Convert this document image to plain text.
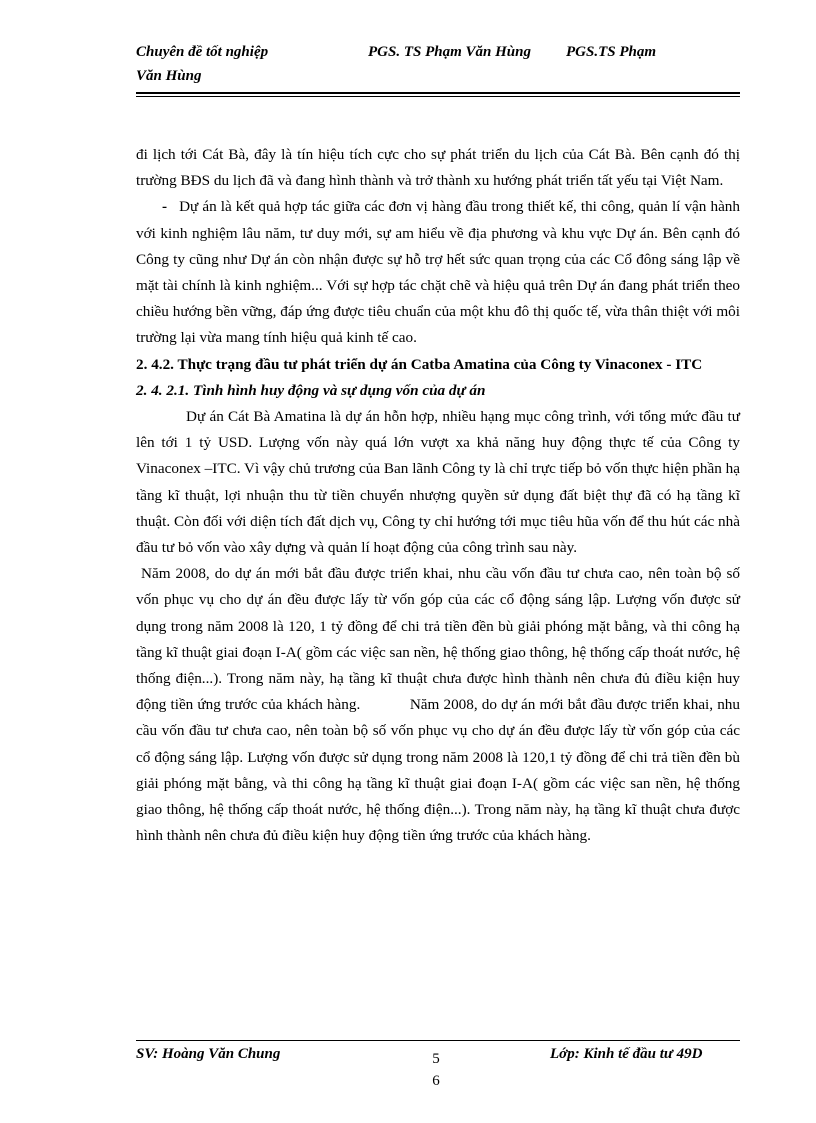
Chuyên đề tốt nghiệp	PGS. TS Phạm Văn Hùng PGS.TS Phạm
Văn Hùng

đi lịch tới Cát Bà, đây là tín hiệu tích cực cho sự phát triển du lịch của Cát Bà. Bên cạnh đó thị trường BĐS du lịch đã và đang hình thành và trở thành xu hướng phát triển tất yếu tại Việt Nam.

- Dự án là kết quả hợp tác giữa các đơn vị hàng đầu trong thiết kế, thi công, quản lí vận hành với kinh nghiệm lâu năm, tư duy mới, sự am hiểu về địa phương và khu vực Dự án. Bên cạnh đó Công ty cũng như Dự án còn nhận được sự hỗ trợ hết sức quan trọng của các Cổ đông sáng lập về mặt tài chính là kinh nghiệm... Với sự hợp tác chặt chẽ và hiệu quả trên Dự án đang phát triển theo chiều hướng bền vững, đáp ứng được tiêu chuẩn của một khu đô thị quốc tế, vừa thân thiệt với môi trường lại vừa mang tính hiệu quả kinh tế cao.

2. 4.2. Thực trạng đầu tư phát triển dự án Catba Amatina của Công ty Vinaconex - ITC

2. 4. 2.1. Tình hình huy động và sự dụng vốn của dự án

Dự án Cát Bà Amatina là dự án hỗn hợp, nhiều hạng mục công trình, với tổng mức đầu tư lên tới 1 tỷ USD. Lượng vốn này quá lớn vượt xa khả năng huy động thực tế của Công ty Vinaconex –ITC. Vì vậy chủ trương của Ban lãnh Công ty là chỉ trực tiếp bỏ vốn thực hiện phần hạ tầng kĩ thuật, lợi nhuận thu từ tiền chuyển nhượng quyền sử dụng đất biệt thự đã có hạ tầng kĩ thuật. Còn đối với diện tích đất dịch vụ, Công ty chỉ hướng tới mục tiêu hũa vốn để thu hút các nhà đầu tư bỏ vốn vào xây dựng và quản lí hoạt động của công trình sau này.

Năm 2008, do dự án mới bắt đầu được triển khai, nhu cầu vốn đầu tư chưa cao, nên toàn bộ số vốn phục vụ cho dự án đều được lấy từ vốn góp của các cổ động sáng lập. Lượng vốn được sử dụng trong năm 2008 là 120, 1 tỷ đồng để chi trả tiền đền bù giải phóng mặt bằng, và thi công hạ tầng kĩ thuật giai đoạn I-A( gồm các việc san nền, hệ thống giao thông, hệ thống cấp thoát nước, hệ thống điện...). Trong năm này, hạ tầng kĩ thuật chưa được hình thành nên chưa đủ điều kiện huy động tiền ứng trước của khách hàng.	Năm 2008, do dự án mới bắt đầu được triển khai, nhu cầu vốn đầu tư chưa cao, nên toàn bộ số vốn phục vụ cho dự án đều được lấy từ vốn góp của các cổ động sáng lập. Lượng vốn được sử dụng trong năm 2008 là 120,1 tỷ đồng để chi trả tiền đền bù giải phóng mặt bằng, và thi công hạ tầng kĩ thuật giai đoạn I-A( gồm các việc san nền, hệ thống giao thông, hệ thống cấp thoát nước, hệ thống điện...). Trong năm này, hạ tầng kĩ thuật chưa được hình thành nên chưa đủ điều kiện huy động tiền ứng trước của khách hàng.

SV: Hoàng Văn Chung	5
6
Lớp: Kinh tế đầu tư 49D
